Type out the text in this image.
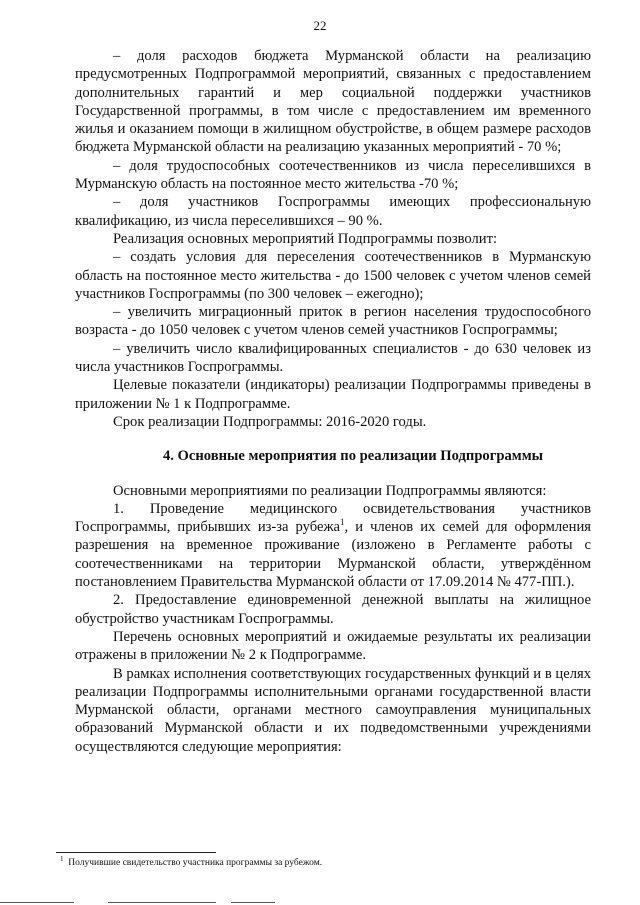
22

– доля расходов бюджета Мурманской области на реализацию предусмотренных Подпрограммой мероприятий, связанных с предоставлением дополнительных гарантий и мер социальной поддержки участников Государственной программы, в том числе с предоставлением им временного жилья и оказанием помощи в жилищном обустройстве, в общем размере расходов бюджета Мурманской области на реализацию указанных мероприятий - 70 %;

– доля трудоспособных соотечественников из числа переселившихся в Мурманскую область на постоянное место жительства -70 %;

– доля участников Госпрограммы имеющих профессиональную квалификацию, из числа переселившихся – 90 %.

Реализация основных мероприятий Подпрограммы позволит:

– создать условия для переселения соотечественников в Мурманскую область на постоянное место жительства - до 1500 человек с учетом членов семей участников Госпрограммы (по 300 человек – ежегодно);

– увеличить миграционный приток в регион населения трудоспособного возраста - до 1050 человек с учетом членов семей участников Госпрограммы;

– увеличить число квалифицированных специалистов - до 630 человек из числа участников Госпрограммы.

Целевые показатели (индикаторы) реализации Подпрограммы приведены в приложении № 1 к Подпрограмме.

Срок реализации Подпрограммы: 2016-2020 годы.

4. Основные мероприятия по реализации Подпрограммы

Основными мероприятиями по реализации Подпрограммы являются:

1. Проведение медицинского освидетельствования участников Госпрограммы, прибывших из-за рубежа$^1$, и членов их семей для оформления разрешения на временное проживание (изложено в Регламенте работы с соотечественниками на территории Мурманской области, утверждённом постановлением Правительства Мурманской области от 17.09.2014 № 477-ПП.).

2. Предоставление единовременной денежной выплаты на жилищное обустройство участникам Госпрограммы.

Перечень основных мероприятий и ожидаемые результаты их реализации отражены в приложении № 2 к Подпрограмме.

В рамках исполнения соответствующих государственных функций и в целях реализации Подпрограммы исполнительными органами государственной власти Мурманской области, органами местного самоуправления муниципальных образований Мурманской области и их подведомственными учреждениями осуществляются следующие мероприятия:

$^1$ Получившие свидетельство участника программы за рубежом.
